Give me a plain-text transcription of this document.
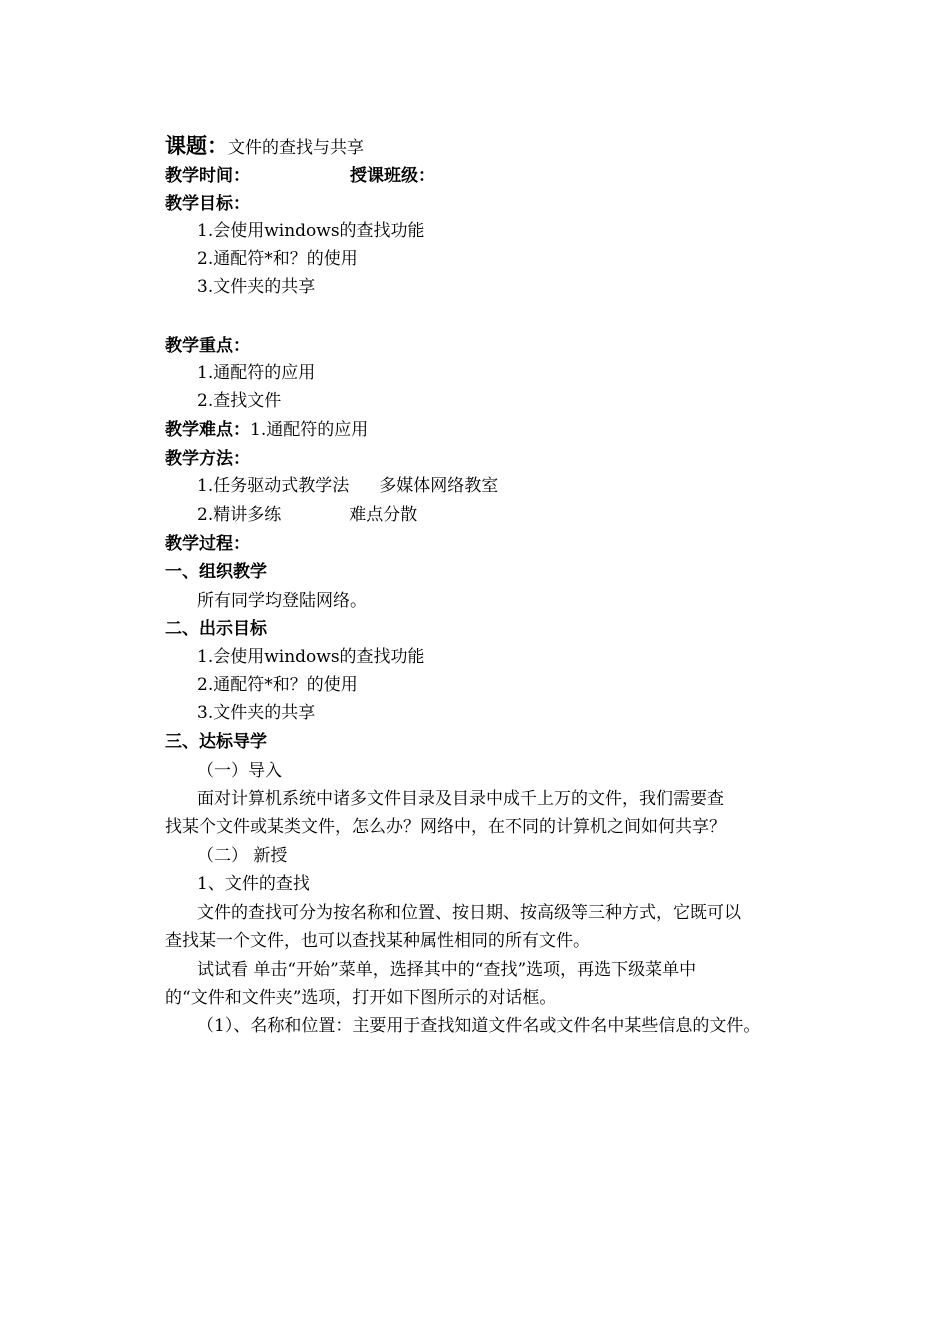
课题：文件的查找与共享
教学时间：	授课班级：
教学目标：
1.会使用windows的查找功能
2.通配符*和？的使用
3.文件夹的共享
教学重点：
1.通配符的应用
2.查找文件
教学难点：1.通配符的应用
教学方法：
1.任务驱动式教学法 多媒体网络教室
2.精讲多练	难点分散
教学过程：
一、组织教学
所有同学均登陆网络。
二、出示目标
1.会使用windows的查找功能
2.通配符*和？的使用
3.文件夹的共享
三、达标导学
（一）导入
面对计算机系统中诸多文件目录及目录中成千上万的文件，我们需要查
找某个文件或某类文件，怎么办？网络中，在不同的计算机之间如何共享？
（二） 新授
1、文件的查找
文件的查找可分为按名称和位置、按日期、按高级等三种方式，它既可以
查找某一个文件，也可以查找某种属性相同的所有文件。
试试看 单击“开始”菜单，选择其中的“查找”选项，再选下级菜单中
的“文件和文件夹”选项，打开如下图所示的对话框。
（1）、名称和位置：主要用于查找知道文件名或文件名中某些信息的文件。
